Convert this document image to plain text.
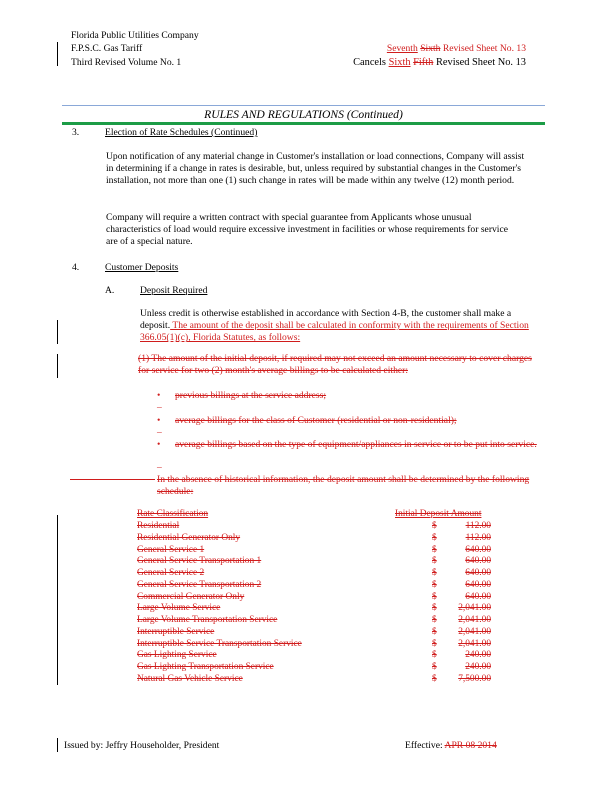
Florida Public Utilities Company
F.P.S.C. Gas Tariff
Third Revised Volume No. 1
Seventh Sixth Revised Sheet No. 13
Cancels Sixth Fifth Revised Sheet No. 13
RULES AND REGULATIONS (Continued)
3.	Election of Rate Schedules (Continued)
Upon notification of any material change in Customer's installation or load connections, Company will assist in determining if a change in rates is desirable, but, unless required by substantial changes in the Customer's installation, not more than one (1) such change in rates will be made within any twelve (12) month period.
Company will require a written contract with special guarantee from Applicants whose unusual characteristics of load would require excessive investment in facilities or whose requirements for service are of a special nature.
4.	Customer Deposits
A.	Deposit Required
Unless credit is otherwise established in accordance with Section 4-B, the customer shall make a deposit. The amount of the deposit shall be calculated in conformity with the requirements of Section 366.05(1)(c), Florida Statutes, as follows:
(1) The amount of the initial deposit, if required may not exceed an amount necessary to cover charges for service for two (2) month's average billings to be calculated either:
• previous billings at the service address;
–
• average billings for the class of Customer (residential or non-residential);
–
• average billings based on the type of equipment/appliances in service or to be put into service.
–
In the absence of historical information, the deposit amount shall be determined by the following schedule:
Rate Classification	Initial Deposit Amount
Residential	$	112.00
Residential Generator Only	$	112.00
General Service 1	$	640.00
General Service Transportation 1	$	640.00
General Service 2	$	640.00
General Service Transportation 2	$	640.00
Commercial Generator Only	$	640.00
Large Volume Service	$ 2,041.00
Large Volume Transportation Service	$ 2,041.00
Interruptible Service	$ 2,041.00
Interruptible Service Transportation Service	$ 2,041.00
Gas Lighting Service	$	240.00
Gas Lighting Transportation Service	$	240.00
Natural Gas Vehicle Service	$ 7,500.00
Issued by: Jeffry Householder, President	Effective: APR 08 2014
